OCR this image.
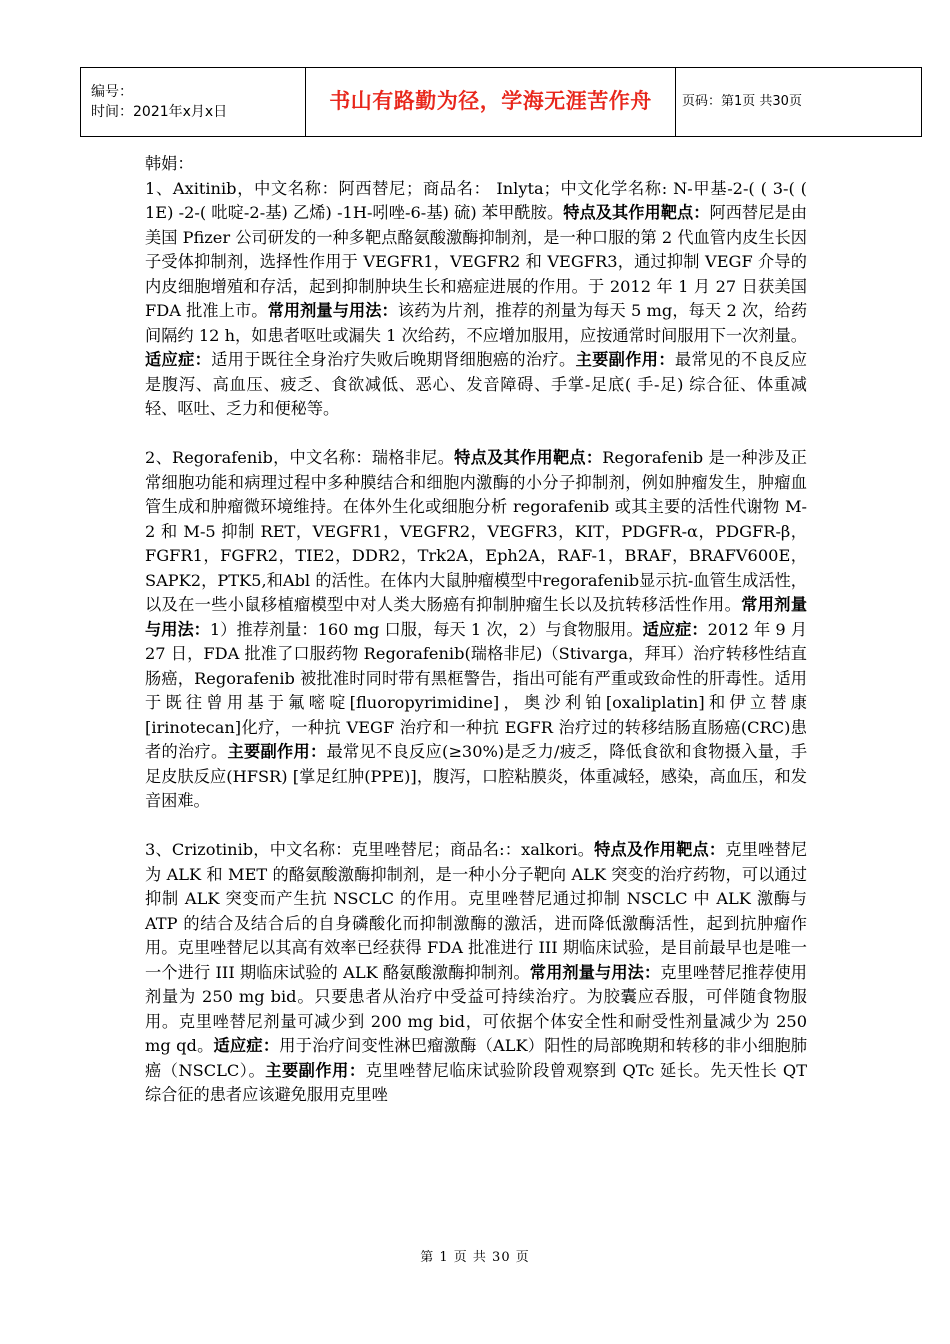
编号：
时间：2021年x月x日	书山有路勤为径，学海无涯苦作舟	页码：第1页 共30页

韩娟：

1、Axitinib，中文名称：阿西替尼；商品名： Inlyta；中文化学名称: N-甲基-2-( ( 3-( ( 1E) -2-( 吡啶-2-基) 乙烯) -1H-吲唑-6-基) 硫) 苯甲酰胺。特点及其作用靶点：阿西替尼是由美国 Pfizer 公司研发的一种多靶点酪氨酸激酶抑制剂，是一种口服的第 2 代血管内皮生长因子受体抑制剂，选择性作用于 VEGFR1，VEGFR2 和 VEGFR3，通过抑制 VEGF 介导的内皮细胞增殖和存活，起到抑制肿块生长和癌症进展的作用。于 2012 年 1 月 27 日获美国 FDA 批准上市。常用剂量与用法：该药为片剂，推荐的剂量为每天 5 mg，每天 2 次，给药间隔约 12 h，如患者呕吐或漏失 1 次给药，不应增加服用，应按通常时间服用下一次剂量。适应症：适用于既往全身治疗失败后晚期肾细胞癌的治疗。主要副作用：最常见的不良反应是腹泻、高血压、疲乏、食欲减低、恶心、发音障碍、手掌-足底( 手-足) 综合征、体重减轻、呕吐、乏力和便秘等。

2、Regorafenib，中文名称：瑞格非尼。特点及其作用靶点：Regorafenib 是一种涉及正常细胞功能和病理过程中多种膜结合和细胞内激酶的小分子抑制剂，例如肿瘤发生，肿瘤血管生成和肿瘤微环境维持。在体外生化或细胞分析 regorafenib 或其主要的活性代谢物 M-2 和 M-5 抑制 RET，VEGFR1，VEGFR2，VEGFR3，KIT，PDGFR-α，PDGFR-β，FGFR1，FGFR2，TIE2，DDR2，Trk2A，Eph2A，RAF-1，BRAF，BRAFV600E，SAPK2，PTK5,和Abl 的活性。在体内大鼠肿瘤模型中regorafenib显示抗-血管生成活性，以及在一些小鼠移植瘤模型中对人类大肠癌有抑制肿瘤生长以及抗转移活性作用。常用剂量与用法：1）推荐剂量：160 mg 口服，每天 1 次，2）与食物服用。适应症：2012 年 9 月 27 日，FDA 批准了口服药物 Regorafenib(瑞格非尼)（Stivarga，拜耳）治疗转移性结直肠癌，Regorafenib 被批准时同时带有黑框警告，指出可能有严重或致命性的肝毒性。适用于既往曾用基于氟嘧啶[fluoropyrimidine]，奥沙利铂[oxaliplatin]和伊立替康 [irinotecan]化疗，一种抗 VEGF 治疗和一种抗 EGFR 治疗过的转移结肠直肠癌(CRC)患者的治疗。主要副作用：最常见不良反应(≥30%)是乏力/疲乏，降低食欲和食物摄入量，手足皮肤反应(HFSR) [掌足红肿(PPE)]，腹泻，口腔粘膜炎，体重减轻，感染，高血压，和发音困难。

3、Crizotinib，中文名称：克里唑替尼；商品名:：xalkori。特点及作用靶点：克里唑替尼为 ALK 和 MET 的酪氨酸激酶抑制剂，是一种小分子靶向 ALK 突变的治疗药物，可以通过抑制 ALK 突变而产生抗 NSCLC 的作用。克里唑替尼通过抑制 NSCLC 中 ALK 激酶与 ATP 的结合及结合后的自身磷酸化而抑制激酶的激活，进而降低激酶活性，起到抗肿瘤作用。克里唑替尼以其高有效率已经获得 FDA 批准进行 III 期临床试验，是目前最早也是唯一一个进行 III 期临床试验的 ALK 酪氨酸激酶抑制剂。常用剂量与用法：克里唑替尼推荐使用剂量为 250 mg bid。只要患者从治疗中受益可持续治疗。为胶囊应吞服，可伴随食物服用。克里唑替尼剂量可减少到 200 mg bid，可依据个体安全性和耐受性剂量减少为 250 mg qd。适应症：用于治疗间变性淋巴瘤激酶（ALK）阳性的局部晚期和转移的非小细胞肺癌（NSCLC）。主要副作用：克里唑替尼临床试验阶段曾观察到 QTc 延长。先天性长 QT 综合征的患者应该避免服用克里唑

第 1 页 共 30 页
